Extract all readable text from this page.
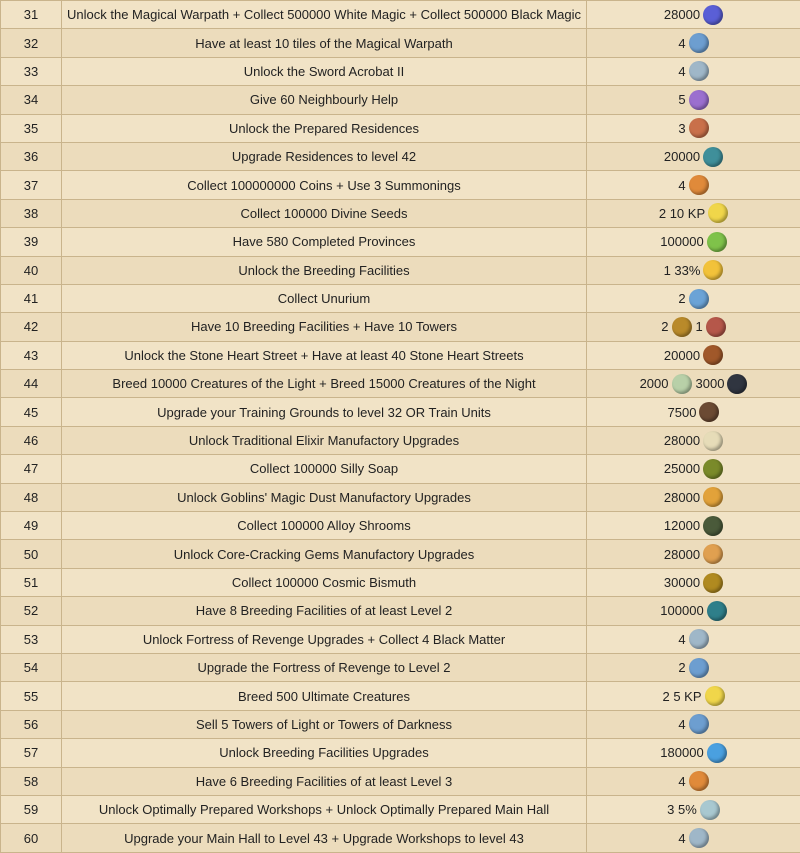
31	Unlock the Magical Warpath + Collect 500000 White Magic + Collect 500000 Black Magic	28000

32	Have at least 10 tiles of the Magical Warpath	4

33	Unlock the Sword Acrobat II	4

34	Give 60 Neighbourly Help	5

35	Unlock the Prepared Residences	3

36	Upgrade Residences to level 42	20000

37	Collect 100000000 Coins + Use 3 Summonings	4

38	Collect 100000 Divine Seeds	2 10 KP

39	Have 580 Completed Provinces	100000

40	Unlock the Breeding Facilities	1 33%

41	Collect Unurium	2

42	Have 10 Breeding Facilities + Have 10 Towers	2 1

43	Unlock the Stone Heart Street + Have at least 40 Stone Heart Streets	20000

44	Breed 10000 Creatures of the Light + Breed 15000 Creatures of the Night	2000 3000

45	Upgrade your Training Grounds to level 32 OR Train Units	7500

46	Unlock Traditional Elixir Manufactory Upgrades	28000

47	Collect 100000 Silly Soap	25000

48	Unlock Goblins' Magic Dust Manufactory Upgrades	28000

49	Collect 100000 Alloy Shrooms	12000

50	Unlock Core-Cracking Gems Manufactory Upgrades	28000

51	Collect 100000 Cosmic Bismuth	30000

52	Have 8 Breeding Facilities of at least Level 2	100000

53	Unlock Fortress of Revenge Upgrades + Collect 4 Black Matter	4

54	Upgrade the Fortress of Revenge to Level 2	2

55	Breed 500 Ultimate Creatures	2 5 KP

56	Sell 5 Towers of Light or Towers of Darkness	4

57	Unlock Breeding Facilities Upgrades	180000

58	Have 6 Breeding Facilities of at least Level 3	4

59	Unlock Optimally Prepared Workshops + Unlock Optimally Prepared Main Hall	3 5%

60	Upgrade your Main Hall to Level 43 + Upgrade Workshops to level 43	4
